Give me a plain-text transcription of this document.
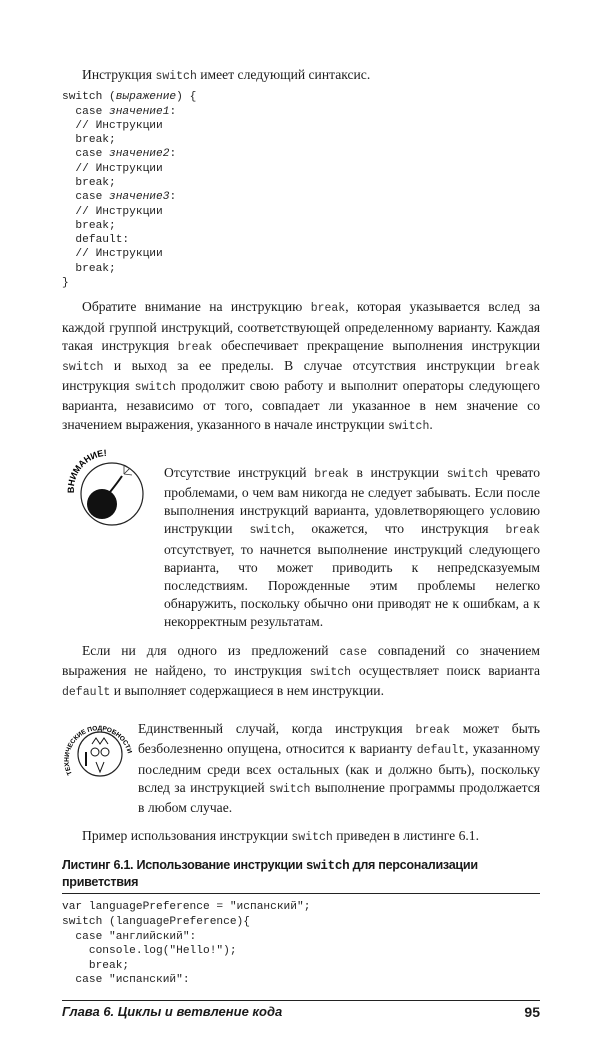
Инструкция switch имеет следующий синтаксис.

switch (выражение) {
case значение1:
// Инструкции
break;
case значение2:
// Инструкции
break;
case значение3:
// Инструкции
break;
default:
// Инструкции
break;
}

Обратите внимание на инструкцию break, которая указывается вслед за каждой группой инструкций, соответствующей определенному варианту. Каждая такая инструкция break обеспечивает прекращение выполнения инструкции switch и выход за ее пределы. В случае отсутствия инструкции break инструкция switch продолжит свою работу и выполнит операторы следующего варианта, независимо от того, совпадает ли указанное в нем значение со значением выражения, указанного в начале инструкции switch.

ВНИМАНИЕ!

Отсутствие инструкций break в инструкции switch чревато проблемами, о чем вам никогда не следует забывать. Если после выполнения инструкций варианта, удовлетворяющего условию инструкции switch, окажется, что инструкция break отсутствует, то начнется выполнение инструкций следующего варианта, что может приводить к непредсказуемым последствиям. Порожденные этим проблемы нелегко обнаружить, поскольку обычно они приводят не к ошибкам, а к некорректным результатам.

Если ни для одного из предложений case совпадений со значением выражения не найдено, то инструкция switch осуществляет поиск варианта default и выполняет содержащиеся в нем инструкции.

ТЕХНИЧЕСКИЕ ПОДРОБНОСТИ

Единственный случай, когда инструкция break может быть безболезненно опущена, относится к варианту default, указанному последним среди всех остальных (как и должно быть), поскольку вслед за инструкцией switch выполнение программы продолжается в любом случае.

Пример использования инструкции switch приведен в листинге 6.1.

Листинг 6.1. Использование инструкции switch для персонализации приветствия
var languagePreference = "испанский";
switch (languagePreference){
case "английский":
console.log("Hello!");
break;
case "испанский":

Глава 6. Циклы и ветвление кода	95
